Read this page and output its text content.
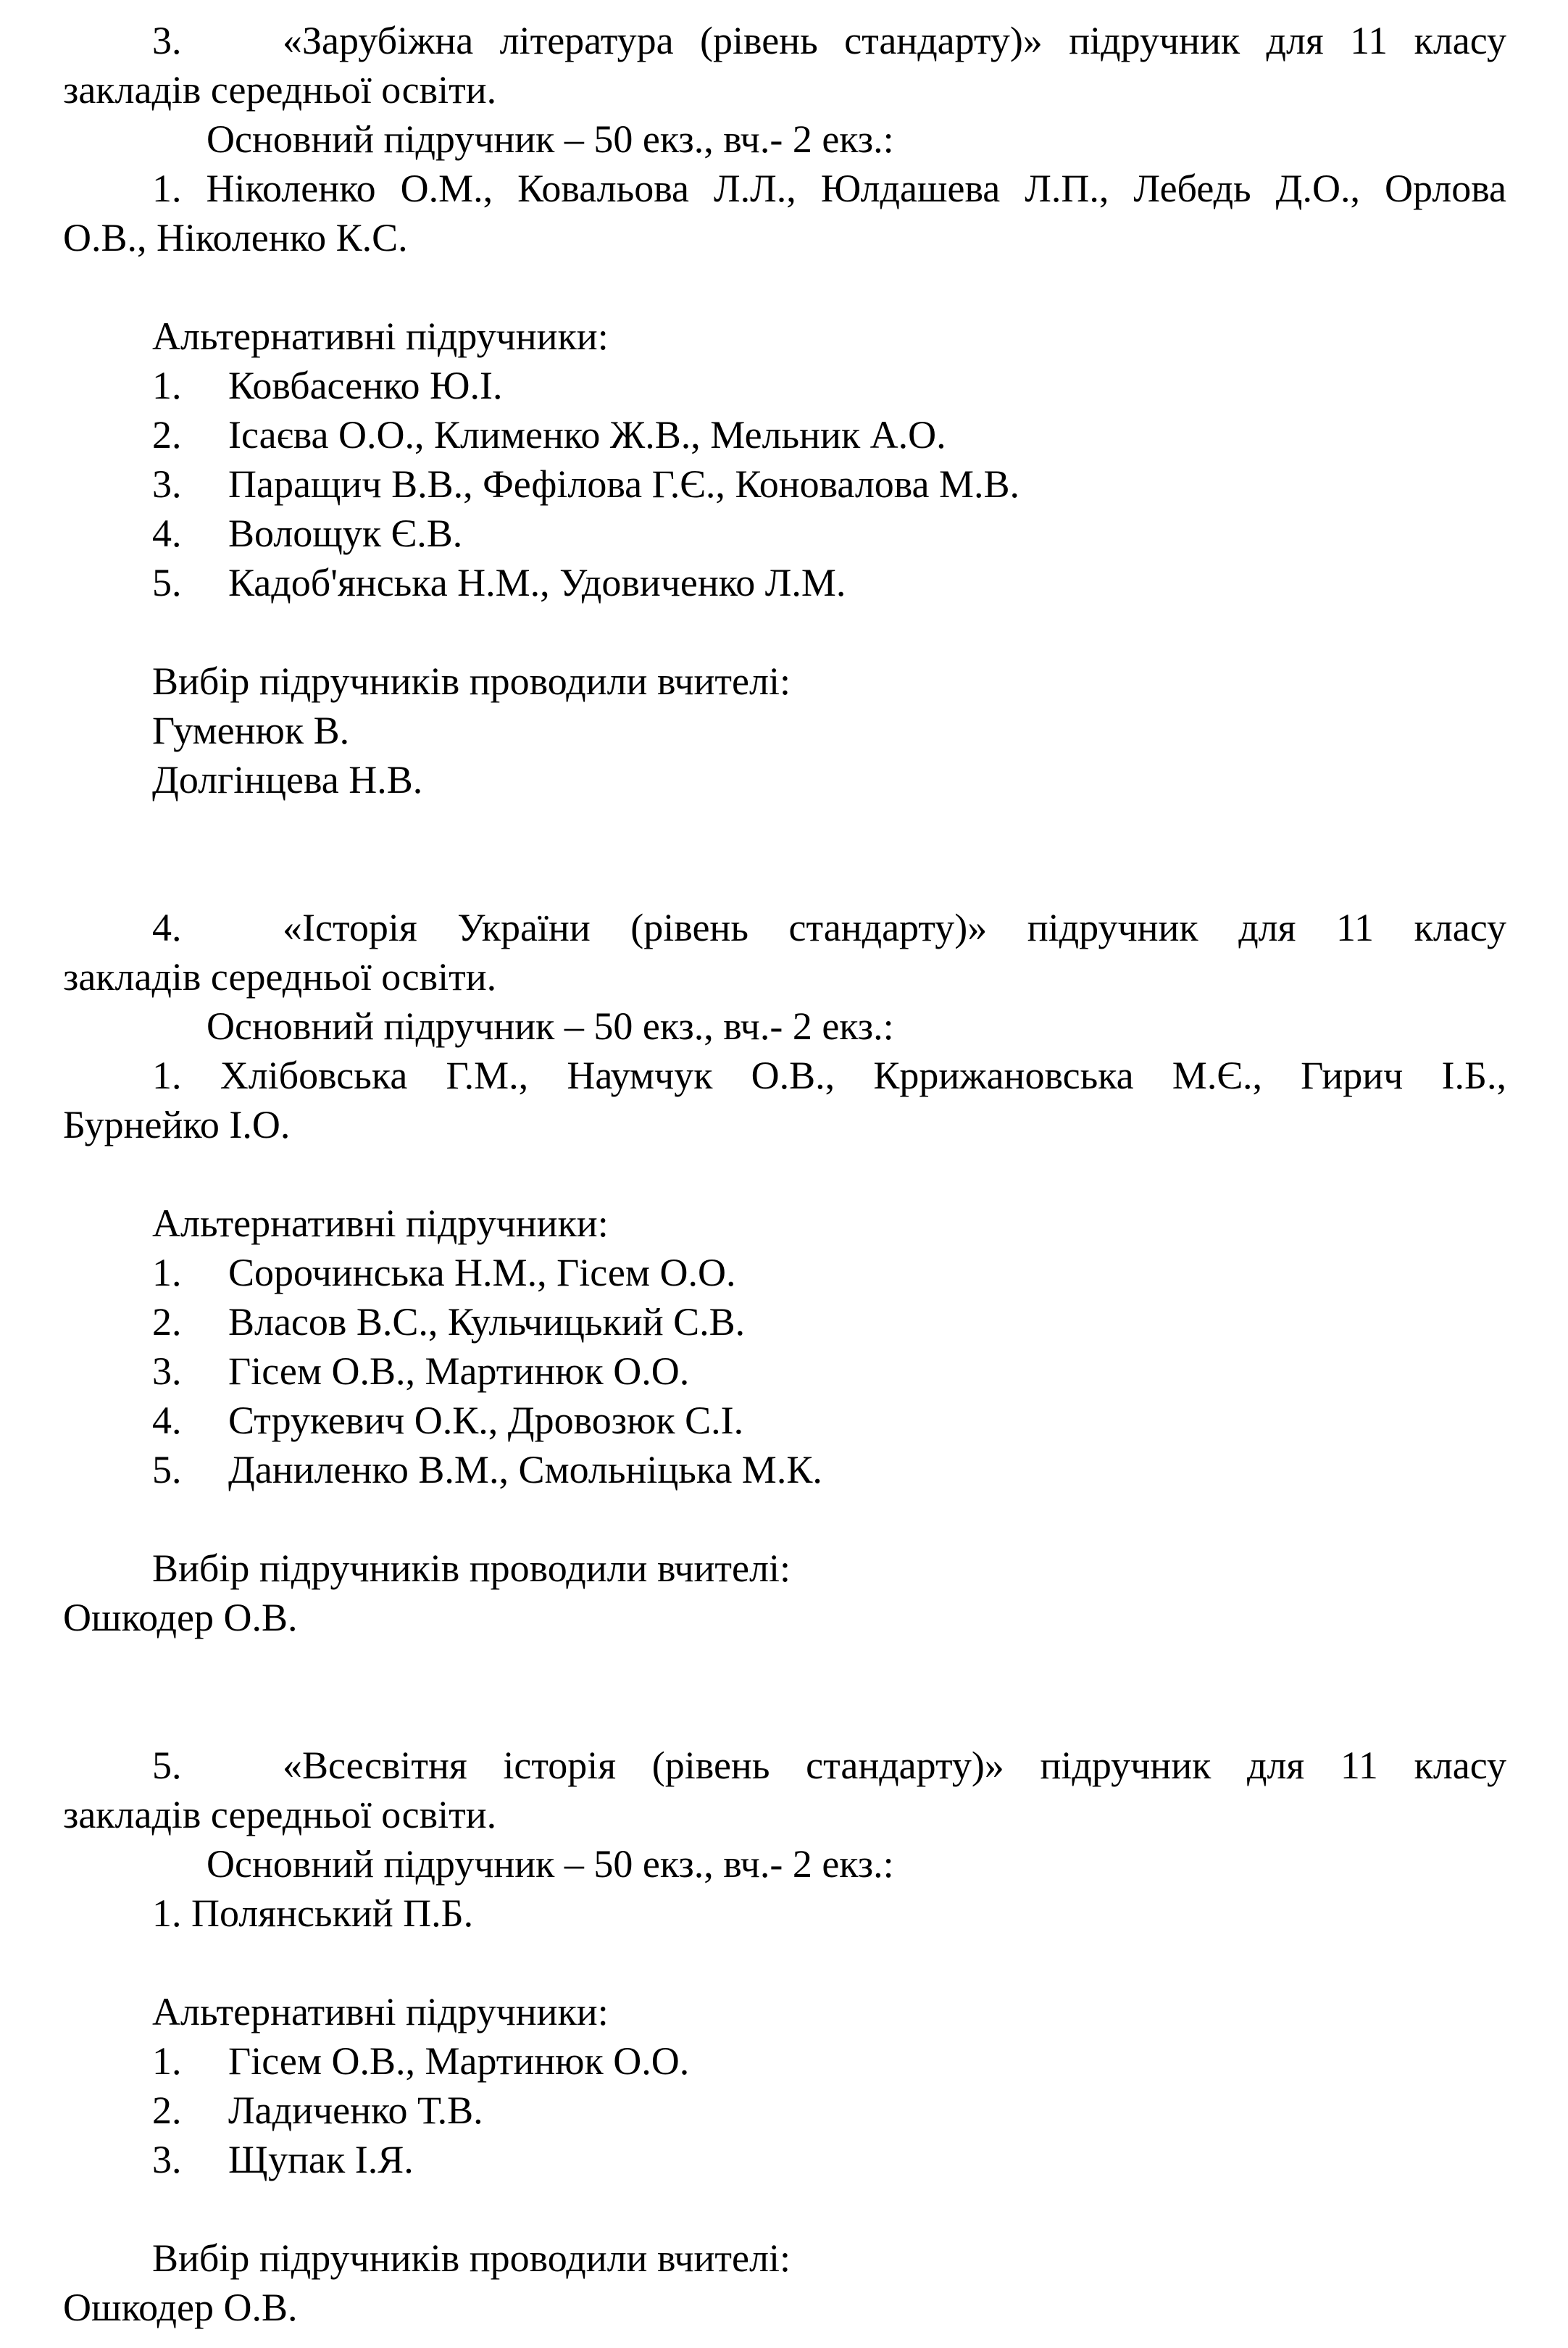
3.	«Зарубіжна література (рівень стандарту)» підручник для 11 класу
закладів середньої освіти.
Основний підручник – 50 екз., вч.- 2 екз.:
1. Ніколенко О.М., Ковальова Л.Л., Юлдашева Л.П., Лебедь Д.О., Орлова
О.В., Ніколенко К.С.
Альтернативні підручники:
1.	Ковбасенко Ю.І.
2.	Ісаєва О.О., Клименко Ж.В., Мельник А.О.
3.	Паращич В.В., Фефілова Г.Є., Коновалова М.В.
4.	Волощук Є.В.
5.	Кадоб'янська Н.М., Удовиченко Л.М.
Вибір підручників проводили вчителі:
Гуменюк В.
Долгінцева Н.В.
4.	«Історія України (рівень стандарту)» підручник для 11 класу
закладів середньої освіти.
Основний підручник – 50 екз., вч.- 2 екз.:
1. Хлібовська Г.М., Наумчук О.В., Кррижановська М.Є., Гирич І.Б.,
Бурнейко І.О.
Альтернативні підручники:
1.	Сорочинська Н.М., Гісем О.О.
2.	Власов В.С., Кульчицький С.В.
3.	Гісем О.В., Мартинюк О.О.
4.	Струкевич О.К., Дровозюк С.І.
5.	Даниленко В.М., Смольніцька М.К.
Вибір підручників проводили вчителі:
Ошкодер О.В.
5.	«Всесвітня історія (рівень стандарту)» підручник для 11 класу
закладів середньої освіти.
Основний підручник – 50 екз., вч.- 2 екз.:
1. Полянський П.Б.
Альтернативні підручники:
1.	Гісем О.В., Мартинюк О.О.
2.	Ладиченко Т.В.
3.	Щупак І.Я.
Вибір підручників проводили вчителі:
Ошкодер О.В.
